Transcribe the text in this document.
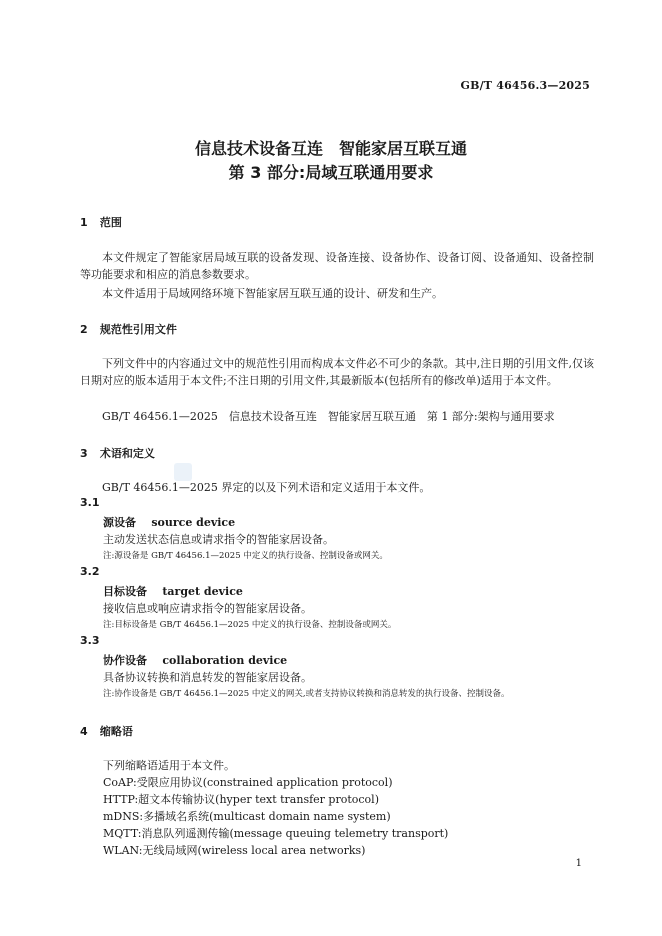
GB/T 46456.3—2025
信息技术设备互连　智能家居互联互通
第 3 部分:局域互联通用要求
1 范围
本文件规定了智能家居局域互联的设备发现、设备连接、设备协作、设备订阅、设备通知、设备控制等功能要求和相应的消息参数要求。
本文件适用于局域网络环境下智能家居互联互通的设计、研发和生产。
2 规范性引用文件
下列文件中的内容通过文中的规范性引用而构成本文件必不可少的条款。其中,注日期的引用文件,仅该日期对应的版本适用于本文件;不注日期的引用文件,其最新版本(包括所有的修改单)适用于本文件。
GB/T 46456.1—2025　信息技术设备互连　智能家居互联互通　第 1 部分:架构与通用要求
3 术语和定义
GB/T 46456.1—2025 界定的以及下列术语和定义适用于本文件。
3.1
源设备 source device
主动发送状态信息或请求指令的智能家居设备。
注:源设备是 GB/T 46456.1—2025 中定义的执行设备、控制设备或网关。
3.2
目标设备 target device
接收信息或响应请求指令的智能家居设备。
注:目标设备是 GB/T 46456.1—2025 中定义的执行设备、控制设备或网关。
3.3
协作设备 collaboration device
具备协议转换和消息转发的智能家居设备。
注:协作设备是 GB/T 46456.1—2025 中定义的网关,或者支持协议转换和消息转发的执行设备、控制设备。
4 缩略语
下列缩略语适用于本文件。
CoAP:受限应用协议(constrained application protocol)
HTTP:超文本传输协议(hyper text transfer protocol)
mDNS:多播域名系统(multicast domain name system)
MQTT:消息队列遥测传输(message queuing telemetry transport)
WLAN:无线局域网(wireless local area networks)
1
